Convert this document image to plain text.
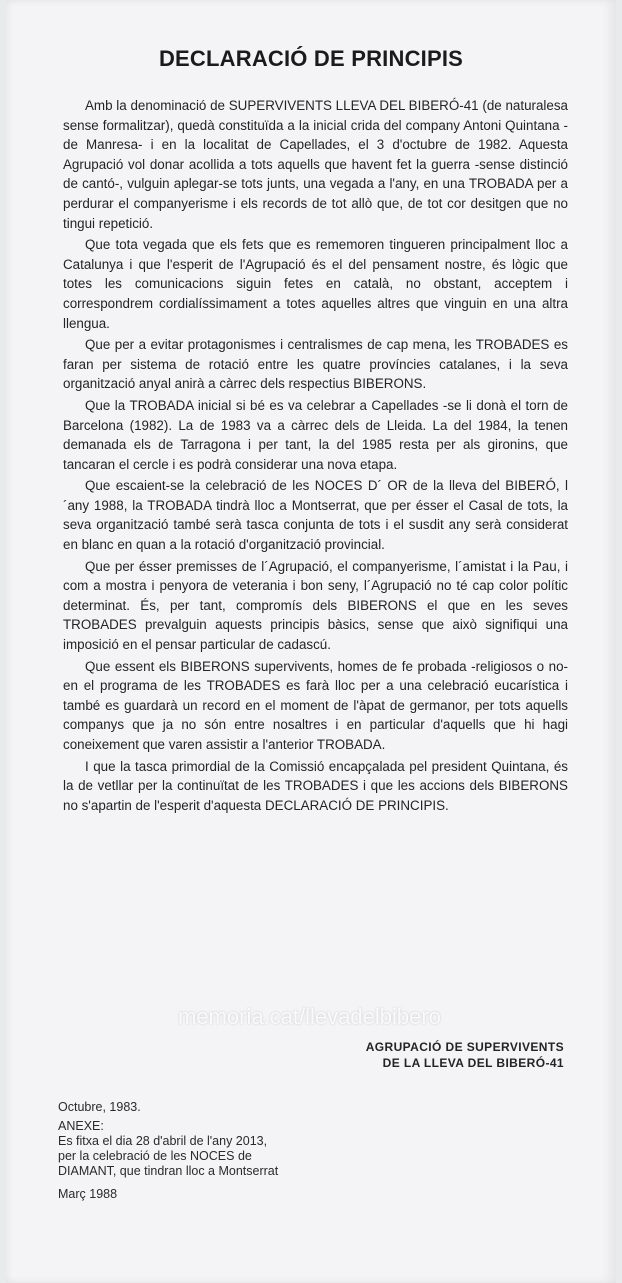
DECLARACIÓ DE PRINCIPIS

Amb la denominació de SUPERVIVENTS LLEVA DEL BIBERÓ-41 (de naturalesa sense formalitzar), quedà constituïda a la inicial crida del company Antoni Quintana -de Manresa- i en la localitat de Capellades, el 3 d'octubre de 1982. Aquesta Agrupació vol donar acollida a tots aquells que havent fet la guerra -sense distinció de cantó-, vulguin aplegar-se tots junts, una vegada a l'any, en una TROBADA per a perdurar el companyerisme i els records de tot allò que, de tot cor desitgen que no tingui repetició.

Que tota vegada que els fets que es rememoren tingueren principalment lloc a Catalunya i que l'esperit de l'Agrupació és el del pensament nostre, és lògic que totes les comunicacions siguin fetes en català, no obstant, acceptem i correspondrem cordialíssimament a totes aquelles altres que vinguin en una altra llengua.

Que per a evitar protagonismes i centralismes de cap mena, les TROBADES es faran per sistema de rotació entre les quatre províncies catalanes, i la seva organització anyal anirà a càrrec dels respectius BIBERONS.

Que la TROBADA inicial si bé es va celebrar a Capellades -se li donà el torn de Barcelona (1982). La de 1983 va a càrrec dels de Lleida. La del 1984, la tenen demanada els de Tarragona i per tant, la del 1985 resta per als gironins, que tancaran el cercle i es podrà considerar una nova etapa.

Que escaient-se la celebració de les NOCES D´ OR de la lleva del BIBERÓ, l´any 1988, la TROBADA tindrà lloc a Montserrat, que per ésser el Casal de tots, la seva organització també serà tasca conjunta de tots i el susdit any serà considerat en blanc en quan a la rotació d'organització provincial.

Que per ésser premisses de l´Agrupació, el companyerisme, l´amistat i la Pau, i com a mostra i penyora de veterania i bon seny, l´Agrupació no té cap color polític determinat. És, per tant, compromís dels BIBERONS el que en les seves TROBADES prevalguin aquests principis bàsics, sense que això signifiqui una imposició en el pensar particular de cadascú.

Que essent els BIBERONS supervivents, homes de fe probada -religiosos o no- en el programa de les TROBADES es farà lloc per a una celebració eucarística i també es guardarà un record en el moment de l'àpat de germanor, per tots aquells companys que ja no són entre nosaltres i en particular d'aquells que hi hagi coneixement que varen assistir a l'anterior TROBADA.

I que la tasca primordial de la Comissió encapçalada pel president Quintana, és la de vetllar per la continuïtat de les TROBADES i que les accions dels BIBERONS no s'apartin de l'esperit d'aquesta DECLARACIÓ DE PRINCIPIS.

AGRUPACIÓ DE SUPERVIVENTS
DE LA LLEVA DEL BIBERÓ-41

Octubre, 1983.

ANEXE:

Es fitxa el dia 28 d'abril de l'any 2013,

per la celebració de les NOCES de

DIAMANT, que tindran lloc a Montserrat

Març 1988

memoria.cat/llevadelbibero
